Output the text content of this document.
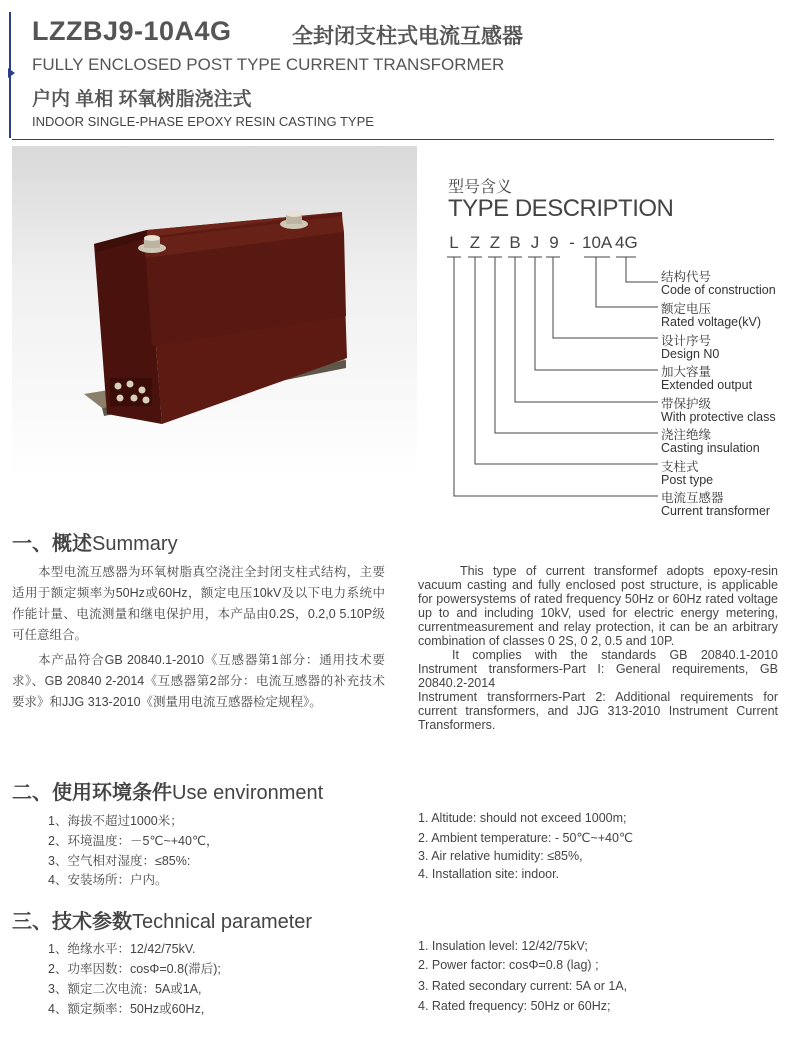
LZZBJ9-10A4G	全封闭支柱式电流互感器
FULLY ENCLOSED POST TYPE CURRENT TRANSFORMER
户内 单相 环氧树脂浇注式
INDOOR SINGLE-PHASE EPOXY RESIN CASTING TYPE
型号含义
TYPE DESCRIPTION
L Z Z B J 9 - 10A 4G
结构代号
Code of construction
额定电压
Rated voltage(kV)
设计序号
Design N0
加大容量
Extended output
带保护级
With protective class
浇注绝缘
Casting insulation
支柱式
Post type
电流互感器
Current transformer
一、概述Summary
本型电流互感器为环氧树脂真空浇注全封闭支柱式结构，主要适用于额定频率为50Hz或60Hz，额定电压10kV及以下电力系统中作能计量、电流测量和继电保护用，本产品由0.2S，0.2,0 5.10P级可任意组合。
本产品符合GB 20840.1-2010《互感器第1部分：通用技术要求》、GB 20840 2-2014《互感器第2部分：电流互感器的补充技术要求》和JJG 313-2010《测量用电流互感器检定规程》。
This type of current transformef adopts epoxy-resin vacuum casting and fully enclosed post structure, is applicable for powersystems of rated frequency 50Hz or 60Hz rated voltage up to and including 10kV, used for electric energy metering, currentmeasurement and relay protection, it can be an arbitrary combination of classes 0 2S, 0 2, 0.5 and 10P.
It complies with the standards GB 20840.1-2010 Instrument transformers-Part I: General requirements, GB 20840.2-2014
Instrument transforrners-Part 2: Additional requirements for current transformers, and JJG 313-2010 Instrument Current Transformers.
二、使用环境条件Use environment
1、海拔不超过1000米；
2、环境温度：－5℃~+40℃，
3、空气相对湿度：≤85%:
4、安装场所：户内。
1. Altitude: should not exceed 1000m;
2. Ambient temperature: - 50℃~+40℃
3. Air relative humidity: ≤85%,
4. Installation site: indoor.
三、技术参数Technical parameter
1、绝缘水平：12/42/75kV.
2、功率因数：cosΦ=0.8(滞后);
3、额定二次电流：5A或1A,
4、额定频率：50Hz或60Hz,
1. Insulation level: 12/42/75kV;
2. Power factor: cosΦ=0.8 (lag) ;
3. Rated secondary current: 5A or 1A,
4. Rated frequency: 50Hz or 60Hz;
